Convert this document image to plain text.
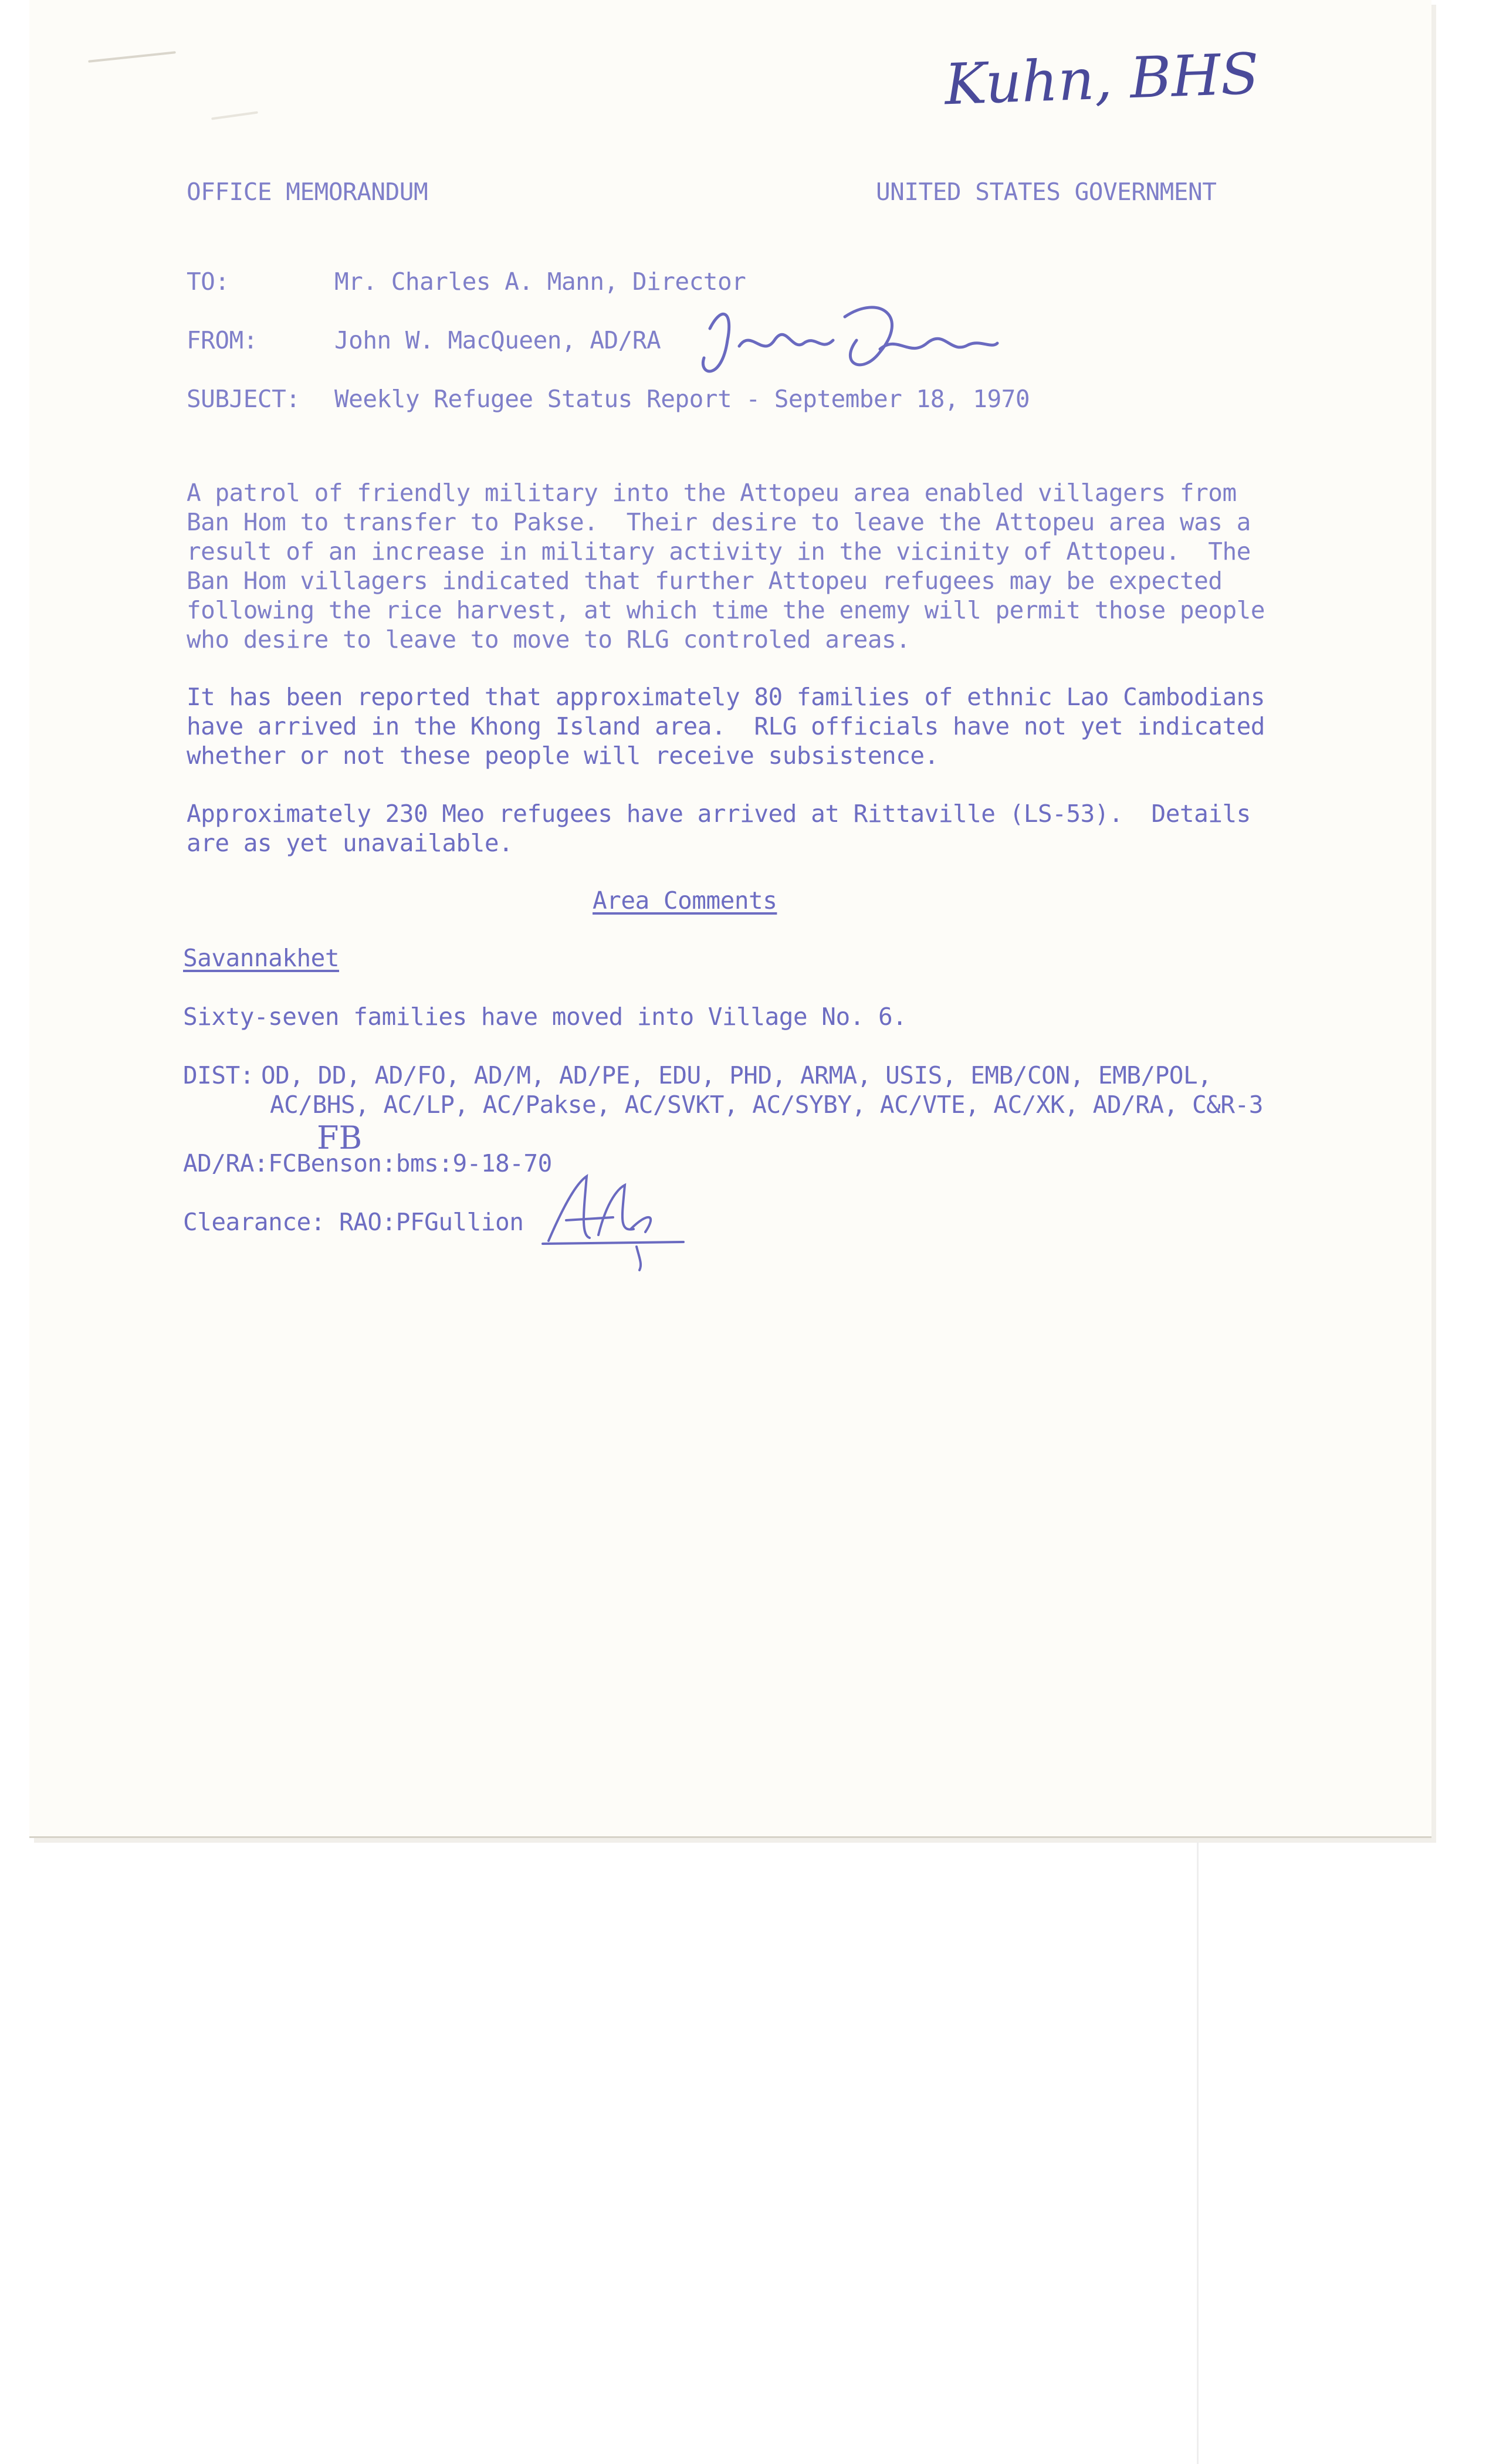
Kuhn, BHS
OFFICE MEMORANDUM	UNITED STATES GOVERNMENT
TO:	Mr. Charles A. Mann, Director
FROM:	John W. MacQueen, AD/RA
SUBJECT: Weekly Refugee Status Report - September 18, 1970
A patrol of friendly military into the Attopeu area enabled villagers from
Ban Hom to transfer to Pakse.  Their desire to leave the Attopeu area was a
result of an increase in military activity in the vicinity of Attopeu.  The
Ban Hom villagers indicated that further Attopeu refugees may be expected
following the rice harvest, at which time the enemy will permit those people
who desire to leave to move to RLG controled areas.
It has been reported that approximately 80 families of ethnic Lao Cambodians
have arrived in the Khong Island area.  RLG officials have not yet indicated
whether or not these people will receive subsistence.
Approximately 230 Meo refugees have arrived at Rittaville (LS-53).  Details
are as yet unavailable.
Area Comments
Savannakhet
Sixty-seven families have moved into Village No. 6.
DIST: OD, DD, AD/FO, AD/M, AD/PE, EDU, PHD, ARMA, USIS, EMB/CON, EMB/POL,
AC/BHS, AC/LP, AC/Pakse, AC/SVKT, AC/SYBY, AC/VTE, AC/XK, AD/RA, C&R-3
AD/RA:FCBenson:bms:9-18-70
FB
Clearance: RAO:PFGullion
